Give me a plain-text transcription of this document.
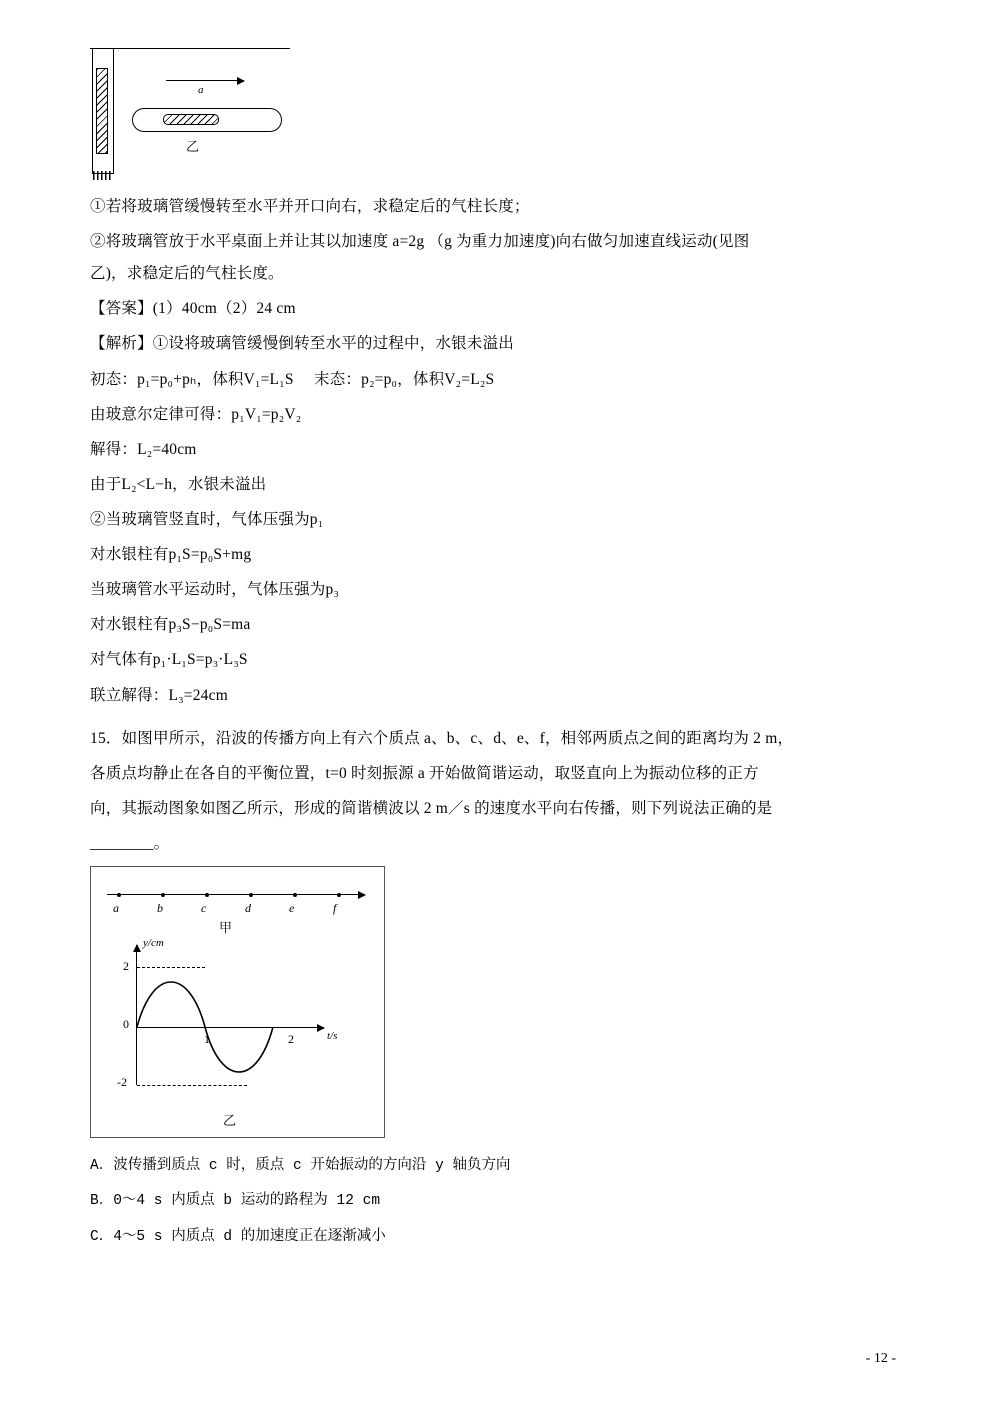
a
乙

①若将玻璃管缓慢转至水平并开口向右，求稳定后的气柱长度；

②将玻璃管放于水平桌面上并让其以加速度 a=2g （g 为重力加速度)向右做匀加速直线运动(见图

乙)，求稳定后的气柱长度。

【答案】(1）40cm（2）24 cm

【解析】①设将玻璃管缓慢倒转至水平的过程中，水银未溢出

初态：p₁=p₀+pₕ，体积V₁=L₁S     末态：p₂=p₀，体积V₂=L₂S

由玻意尔定律可得：p₁V₁=p₂V₂

解得：L₂=40cm

由于L₂<L−h，水银未溢出

②当玻璃管竖直时，气体压强为p₁

对水银柱有p₁S=p₀S+mg

当玻璃管水平运动时，气体压强为p₃

对水银柱有p₃S−p₀S=ma

对气体有p₁·L₁S=p₃·L₃S

联立解得：L₃=24cm

15．如图甲所示，沿波的传播方向上有六个质点 a、b、c、d、e、f，相邻两质点之间的距离均为 2 m，

各质点均静止在各自的平衡位置，t=0 时刻振源 a 开始做简谐运动，取竖直向上为振动位移的正方

向，其振动图象如图乙所示，形成的简谐横波以 2 m／s 的速度水平向右传播，则下列说法正确的是

________。

a	b	c	d	e	f
甲
y/cm
t/s
2
0
-2
1	2
乙

A．波传播到质点 c 时，质点 c 开始振动的方向沿 y 轴负方向

B．0～4 s 内质点 b 运动的路程为 12 cm

C．4～5 s 内质点 d 的加速度正在逐渐减小

- 12 -
